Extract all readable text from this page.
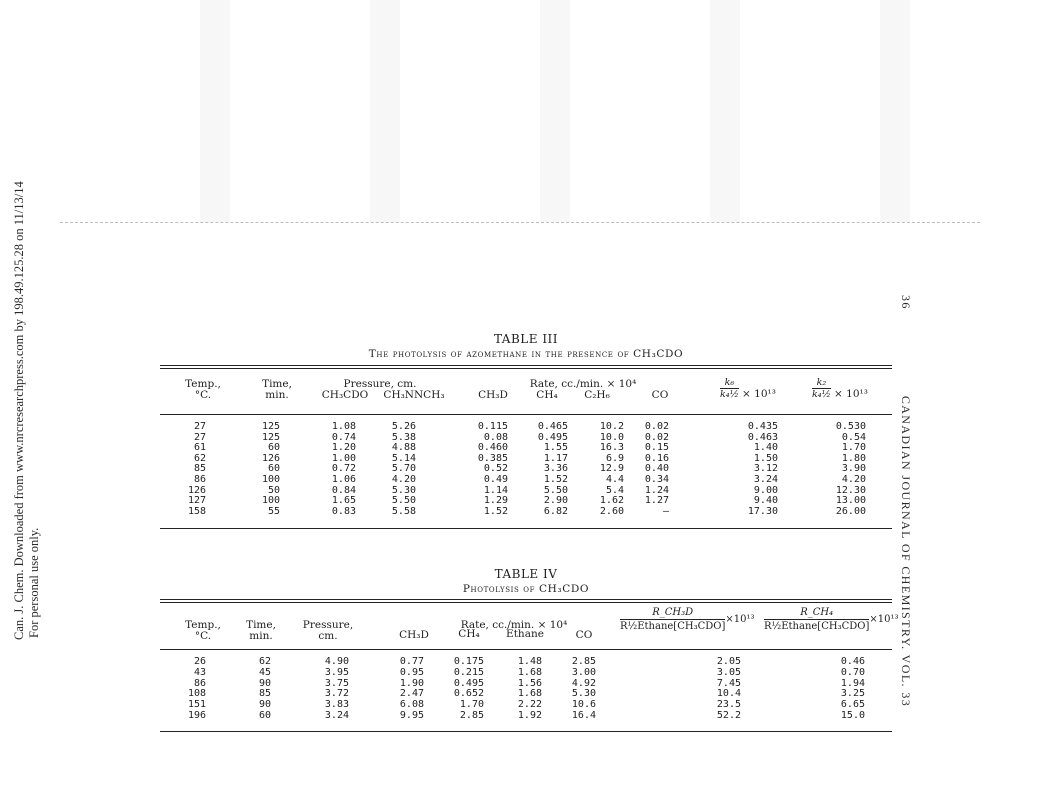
Can. J. Chem. Downloaded from www.nrcresearchpress.com by 198.49.125.28 on 11/13/14 For personal use only.
36CANADIAN JOURNAL OF CHEMISTRY. VOL. 33
TABLE III
The photolysis of azomethane in the presence of CH₃CDO
Temp.,
°C.
Time,
min.
Pressure, cm.
CH₃CDO	CH₃NNCH₃
Rate, cc./min. × 10⁴
CH₃D	CH₄	C₂H₆	CO	$\frac{\text{k₆}}{\text{k₄½}} \times 10^{13}$	$\frac{\text{k₂}}{\text{k₄½}} \times 10^{13}$
27	125	1.08	5.26	0.115	0.465	10.2 0.02	0.435	0.530
27	125	0.74	5.38	0.08	0.495	10.0 0.02	0.463	0.54
61	60	1.20	4.88	0.460	1.55	16.3 0.15	1.40	1.70
62	126	1.00	5.14	0.385	1.17	6.9 0.16	1.50	1.80
85	60	0.72	5.70	0.52	3.36	12.9 0.40	3.12	3.90
86	100	1.06	4.20	0.49	1.52	4.4 0.34	3.24	4.20
126	50	0.84	5.30	1.14	5.50	5.4 1.24	9.00	12.30
127	100	1.65	5.50	1.29	2.90	1.62 1.27	9.40	13.00
158	55	0.83	5.58	1.52	6.82	2.60	—	17.30	26.00
TABLE IV
Photolysis of CH₃CDO
Temp.,
°C.
Time,
min.
Pressure,
cm.
Rate, cc./min. × 10⁴
CH₃D	CH₄	Ethane	CO
$\frac{\text{R\_CH₃D}}{\text{R½Ethane[CH₃CDO]}} \times 10^{13} \frac{\text{R\_CH₄}}{\text{R½Ethane[CH₃CDO]}} \times 10^{13}$
26	62	4.90	0.77	0.175	1.48	2.85	2.05	0.46
43	45	3.95	0.95	0.215	1.68	3.00	3.05	0.70
86	90	3.75	1.90	0.495	1.56	4.92	7.45	1.94
108	85	3.72	2.47	0.652	1.68	5.30	10.4	3.25
151	90	3.83	6.08	1.70	2.22	10.6	23.5	6.65
196	60	3.24	9.95	2.85	1.92	16.4	52.2	15.0
